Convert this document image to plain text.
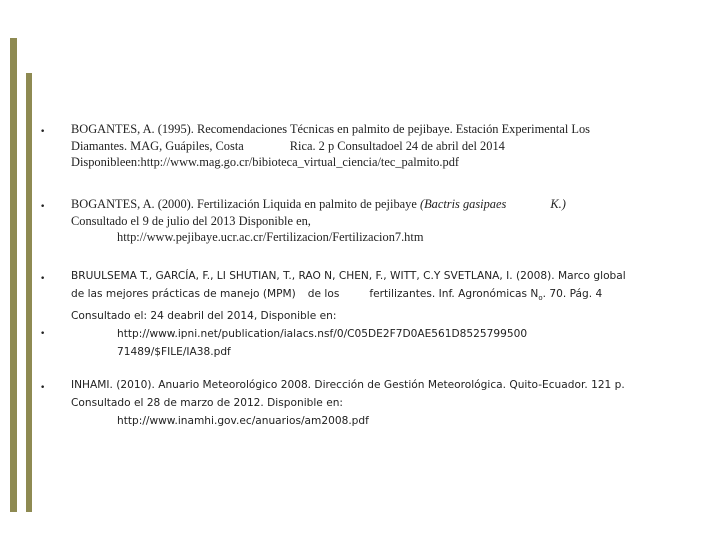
• BOGANTES, A. (1995). Recomendaciones Técnicas en palmito de pejibaye. Estación Experimental Los
Diamantes. MAG, Guápiles, Costa	Rica. 2 p Consultadoel 24 de abril del 2014
Disponibleen:http://www.mag.go.cr/bibioteca_virtual_ciencia/tec_palmito.pdf
• BOGANTES, A. (2000). Fertilización Liquida en palmito de pejibaye (Bactris gasipaes	K.)
Consultado el 9 de julio del 2013 Disponible en,
http://www.pejibaye.ucr.ac.cr/Fertilizacion/Fertilizacion7.htm
•
•
BRUULSEMA T., GARCÍA, F., LI SHUTIAN, T., RAO N, CHEN, F., WITT, C.Y SVETLANA, I. (2008). Marco global
de las mejores prácticas de manejo (MPM) de los	fertilizantes. Inf. Agronómicas $N_o$. 70. Pág. 4
Consultado el: 24 deabril del 2014, Disponible en:
http://www.ipni.net/publication/ialacs.nsf/0/C05DE2F7D0AE561D8525799500
71489/$FILE/IA38.pdf
• INHAMI. (2010). Anuario Meteorológico 2008. Dirección de Gestión Meteorológica. Quito-Ecuador. 121 p.
Consultado el 28 de marzo de 2012. Disponible en:
http://www.inamhi.gov.ec/anuarios/am2008.pdf
